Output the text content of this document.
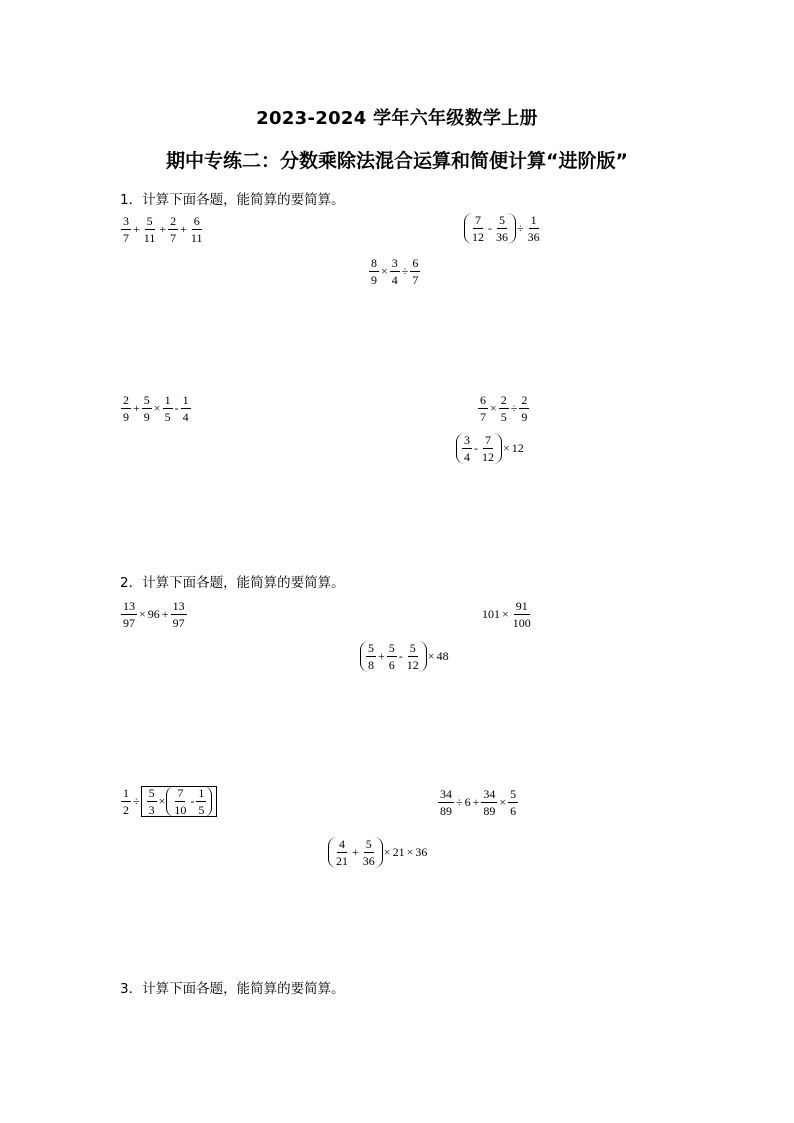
2023-2024 学年六年级数学上册
期中专练二：分数乘除法混合运算和简便计算“进阶版”
1．计算下面各题，能简算的要简算。
2．计算下面各题，能简算的要简算。
3．计算下面各题，能简算的要简算。
$\frac{3}{7} + \frac{5}{11} + \frac{2}{7} + \frac{6}{11}$	$\frac{7}{12} - \frac{5}{36} \div \frac{1}{36}$
$\frac{8}{9} \times \frac{3}{4} \div \frac{6}{7}$
$\frac{2}{9} + \frac{5}{9} \times \frac{1}{5} - \frac{1}{4}$	$\frac{6}{7} \times \frac{2}{5} \div \frac{2}{9}$
$\frac{3}{4} - \frac{7}{12} \times 12$
$\frac{13}{97} \times 96 + \frac{13}{97}$	$101 \times \frac{91}{100}$
$\frac{5}{8} + \frac{5}{6} - \frac{5}{12} \times 48$
$\frac{1}{2} \div \frac{5}{3} \times \frac{7}{10} - \frac{1}{5}$	$\frac{34}{89} \div 6 + \frac{34}{89} \times \frac{5}{6}$
$\frac{4}{21} + \frac{5}{36} \times 21 \times 36$
